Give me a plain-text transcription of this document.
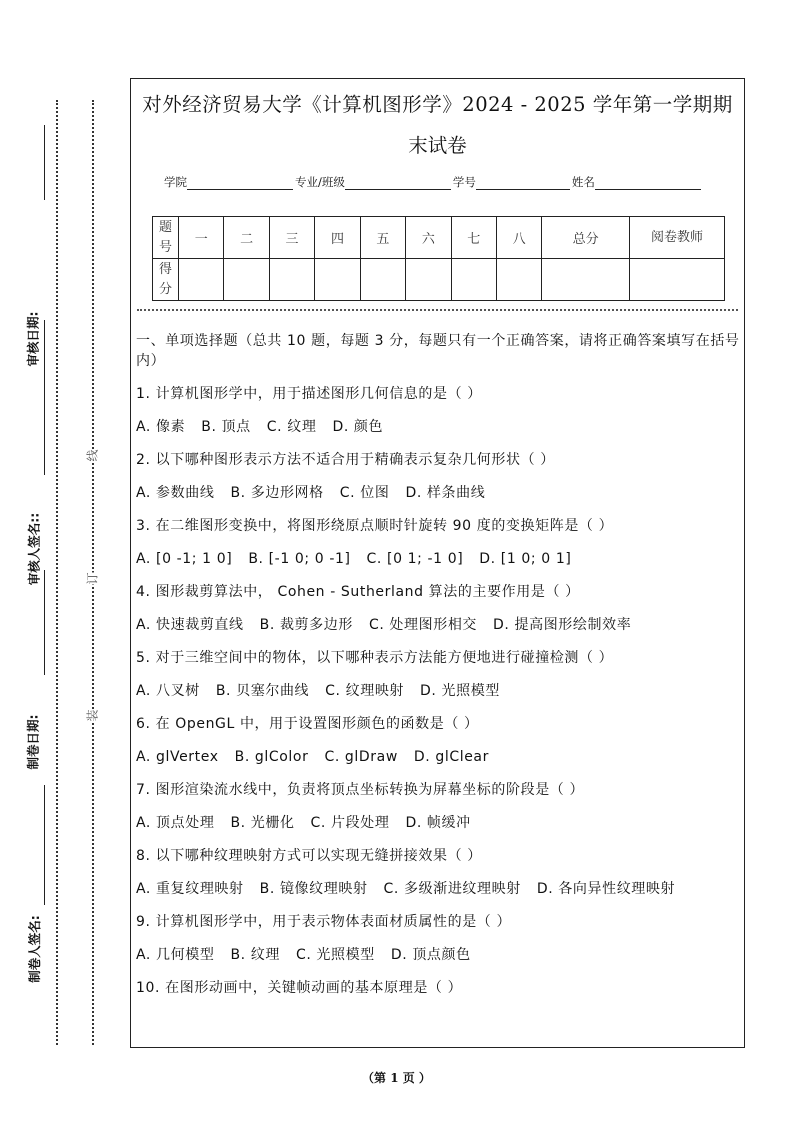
审核日期:
审核人签名::
制卷日期:
制卷人签名:
线
订
装
对外经济贸易大学《计算机图形学》2024 - 2025 学年第一学期期
末试卷
学院	专业/班级	学号	姓名
题号	一	二	三	四	五	六	七	八	总分	阅卷教师
得分										
一、单项选择题（总共 10 题，每题 3 分，每题只有一个正确答案，请将正确答案填写在括号内）
1. 计算机图形学中，用于描述图形几何信息的是（ ）
A. 像素 B. 顶点 C. 纹理 D. 颜色
2. 以下哪种图形表示方法不适合用于精确表示复杂几何形状（ ）
A. 参数曲线 B. 多边形网格 C. 位图 D. 样条曲线
3. 在二维图形变换中，将图形绕原点顺时针旋转 90 度的变换矩阵是（ ）
A. [0 -1; 1 0] B. [-1 0; 0 -1] C. [0 1; -1 0] D. [1 0; 0 1]
4. 图形裁剪算法中， Cohen - Sutherland 算法的主要作用是（ ）
A. 快速裁剪直线 B. 裁剪多边形 C. 处理图形相交 D. 提高图形绘制效率
5. 对于三维空间中的物体，以下哪种表示方法能方便地进行碰撞检测（ ）
A. 八叉树 B. 贝塞尔曲线 C. 纹理映射 D. 光照模型
6. 在 OpenGL 中，用于设置图形颜色的函数是（ ）
A. glVertex B. glColor C. glDraw D. glClear
7. 图形渲染流水线中，负责将顶点坐标转换为屏幕坐标的阶段是（ ）
A. 顶点处理 B. 光栅化 C. 片段处理 D. 帧缓冲
8. 以下哪种纹理映射方式可以实现无缝拼接效果（ ）
A. 重复纹理映射 B. 镜像纹理映射 C. 多级渐进纹理映射 D. 各向异性纹理映射
9. 计算机图形学中，用于表示物体表面材质属性的是（ ）
A. 几何模型 B. 纹理 C. 光照模型 D. 顶点颜色
10. 在图形动画中，关键帧动画的基本原理是（ ）
（第 1 页 ）
